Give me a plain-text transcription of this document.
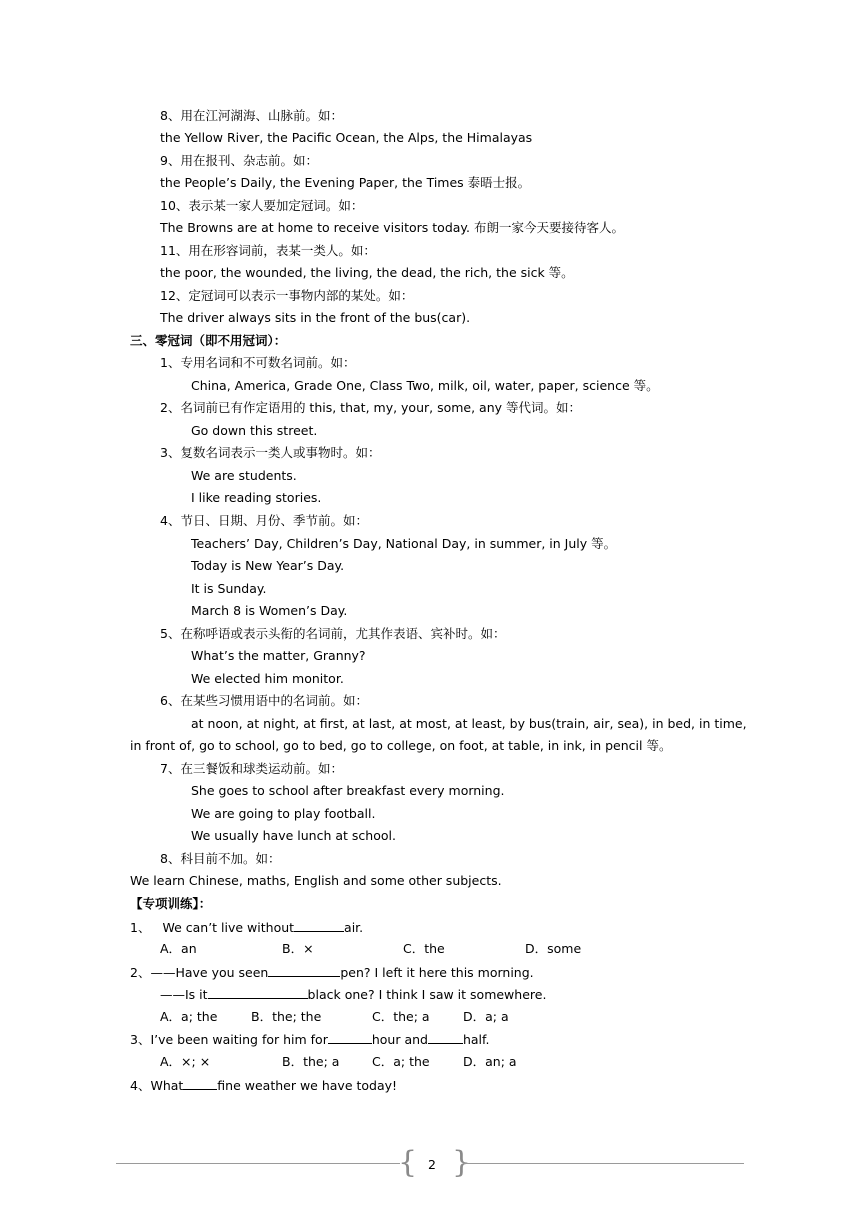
8、用在江河湖海、山脉前。如：
the Yellow River, the Pacific Ocean, the Alps, the Himalayas
9、用在报刊、杂志前。如：
the People’s Daily, the Evening Paper, the Times 泰晤士报。
10、表示某一家人要加定冠词。如：
The Browns are at home to receive visitors today. 布朗一家今天要接待客人。
11、用在形容词前，表某一类人。如：
the poor, the wounded, the living, the dead, the rich, the sick 等。
12、定冠词可以表示一事物内部的某处。如：
The driver always sits in the front of the bus(car).
三、零冠词（即不用冠词）：
1、专用名词和不可数名词前。如：
China, America, Grade One, Class Two, milk, oil, water, paper, science 等。
2、名词前已有作定语用的 this, that, my, your, some, any 等代词。如：
Go down this street.
3、复数名词表示一类人或事物时。如：
We are students.
I like reading stories.
4、节日、日期、月份、季节前。如：
Teachers’ Day, Children’s Day, National Day, in summer, in July 等。
Today is New Year’s Day.
It is Sunday.
March 8 is Women’s Day.
5、在称呼语或表示头衔的名词前，尤其作表语、宾补时。如：
What’s the matter, Granny?
We elected him monitor.
6、在某些习惯用语中的名词前。如：
at noon, at night, at first, at last, at most, at least, by bus(train, air, sea), in bed, in time,
in front of, go to school, go to bed, go to college, on foot, at table, in ink, in pencil 等。
7、在三餐饭和球类运动前。如：
She goes to school after breakfast every morning.
We are going to play football.
We usually have lunch at school.
8、科目前不加。如：
We learn Chinese, maths, English and some other subjects.
【专项训练】：
1、 We can’t live without	air.
A．an	B．×	C．the	D．some
2、——Have you seen	pen? I left it here this morning.
——Is it	black one? I think I saw it somewhere.
A．a; the	B．the; the	C．the; a	D．a; a
3、I’ve been waiting for him for	hour and	half.
A．×; ×	B．the; a	C．a; the	D．an; a
4、What	fine weather we have today!
{ 2 }
